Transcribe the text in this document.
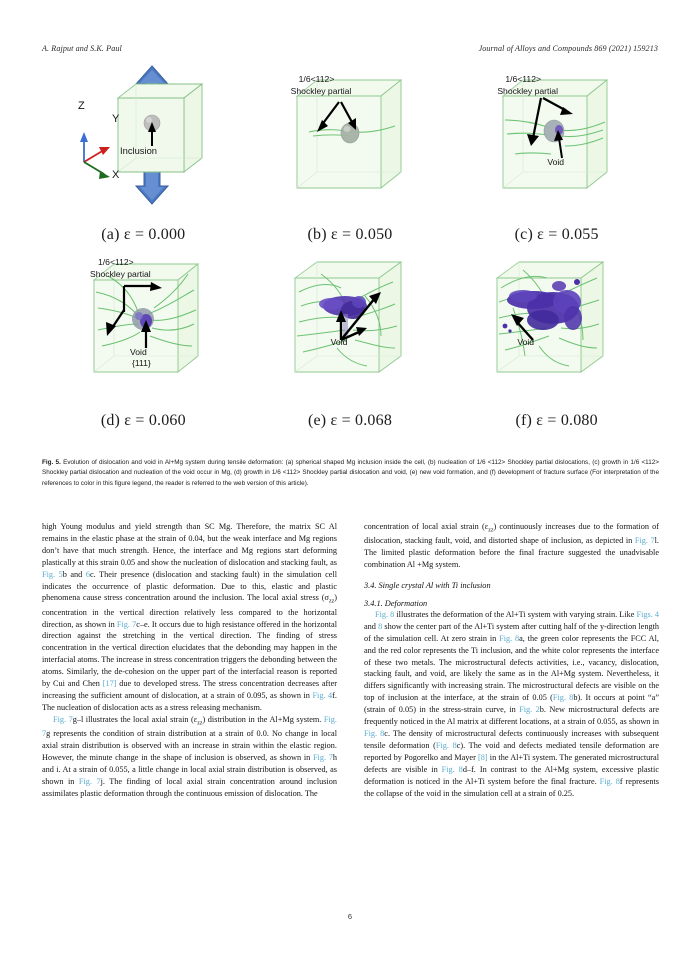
A. Rajput and S.K. Paul	Journal of Alloys and Compounds 869 (2021) 159213
Z
Y
X
Inclusion
(a) ε = 0.000
1/6<112>
Shockley partial
(b) ε = 0.050
1/6<112>
Shockley partial
Void
(c) ε = 0.055
1/6<112>
Shockley partial
Void
{111}
(d) ε = 0.060
Void
(e) ε = 0.068
Void
(f) ε = 0.080
Fig. 5. Evolution of dislocation and void in Al+Mg system during tensile deformation: (a) spherical shaped Mg inclusion inside the cell, (b) nucleation of 1/6 <112> Shockley partial dislocations, (c) growth in 1/6 <112> Shockley partial dislocation and nucleation of the void occur in Mg, (d) growth in 1/6 <112> Shockley partial dislocation and void, (e) new void formation, and (f) development of fracture surface (For interpretation of the references to color in this figure legend, the reader is referred to the web version of this article).

high Young modulus and yield strength than SC Mg. Therefore, the matrix SC Al remains in the elastic phase at the strain of 0.04, but the weak interface and Mg regions don’t have that much strength. Hence, the interface and Mg regions start deforming plastically at this strain 0.05 and show the nucleation of dislocation and stacking fault, as Fig. 5b and 6c. Their presence (dislocation and stacking fault) in the simulation cell indicates the occurrence of plastic deformation. Due to this, elastic and plastic phenomena cause stress concentration around the inclusion. The local axial stress $(\sigma_{zz})$ concentration in the vertical direction relatively less compared to the horizontal direction, as shown in Fig. 7c–e. It occurs due to high resistance offered in the horizontal direction against the stretching in the vertical direction. The finding of stress concentration in the vertical direction elucidates that the debonding may happen in the interfacial atoms. The increase in stress concentration triggers the debonding between the atoms. Similarly, the de-cohesion on the upper part of the interfacial reason is reported by Cui and Chen [17] due to developed stress. The stress concentration decreases after increasing the sufficient amount of dislocation, at a strain of 0.095, as shown in Fig. 4f. The nucleation of dislocation acts as a stress releasing mechanism.

Fig. 7g–l illustrates the local axial strain $(\varepsilon_{zz})$ distribution in the Al+Mg system. Fig. 7g represents the condition of strain distribution at a strain of 0.0. No change in local axial strain distribution is observed with an increase in strain within the elastic region. However, the minute change in the shape of inclusion is observed, as shown in Fig. 7h and i. At a strain of 0.055, a little change in local axial strain distribution is observed, as shown in Fig. 7j. The finding of local axial strain concentration around inclusion assimilates plastic deformation through the continuous emission of dislocation. The

concentration of local axial strain $(\varepsilon_{zz})$ continuously increases due to the formation of dislocation, stacking fault, void, and distorted shape of inclusion, as depicted in Fig. 7l. The limited plastic deformation before the final fracture suggested the unadvisable combination Al +Mg system.

3.4. Single crystal Al with Ti inclusion
3.4.1. Deformation

Fig. 8 illustrates the deformation of the Al+Ti system with varying strain. Like Figs. 4 and 8 show the center part of the Al+Ti system after cutting half of the y-direction length of the simulation cell. At zero strain in Fig. 8a, the green color represents the FCC Al, and the red color represents the Ti inclusion, and the white color represents the interface of these two metals. The microstructural defects activities, i.e., vacancy, dislocation, stacking fault, and void, are likely the same as in the Al+Mg system. Nevertheless, it differs significantly with increasing strain. The microstructural defects are visible on the top of inclusion at the interface, at the strain of 0.05 (Fig. 8b). It occurs at point “a” (strain of 0.05) in the stress-strain curve, in Fig. 2b. New microstructural defects are frequently noticed in the Al matrix at different locations, at a strain of 0.055, as shown in Fig. 8c. The density of microstructural defects continuously increases with subsequent tensile deformation (Fig. 8c). The void and defects mediated tensile deformation are reported by Pogorelko and Mayer [8] in the Al+Ti system. The generated microstructural defects are visible in Fig. 8d–f. In contrast to the Al+Mg system, excessive plastic deformation is noticed in the Al+Ti system before the final fracture. Fig. 8f represents the collapse of the void in the simulation cell at a strain of 0.25.

6
